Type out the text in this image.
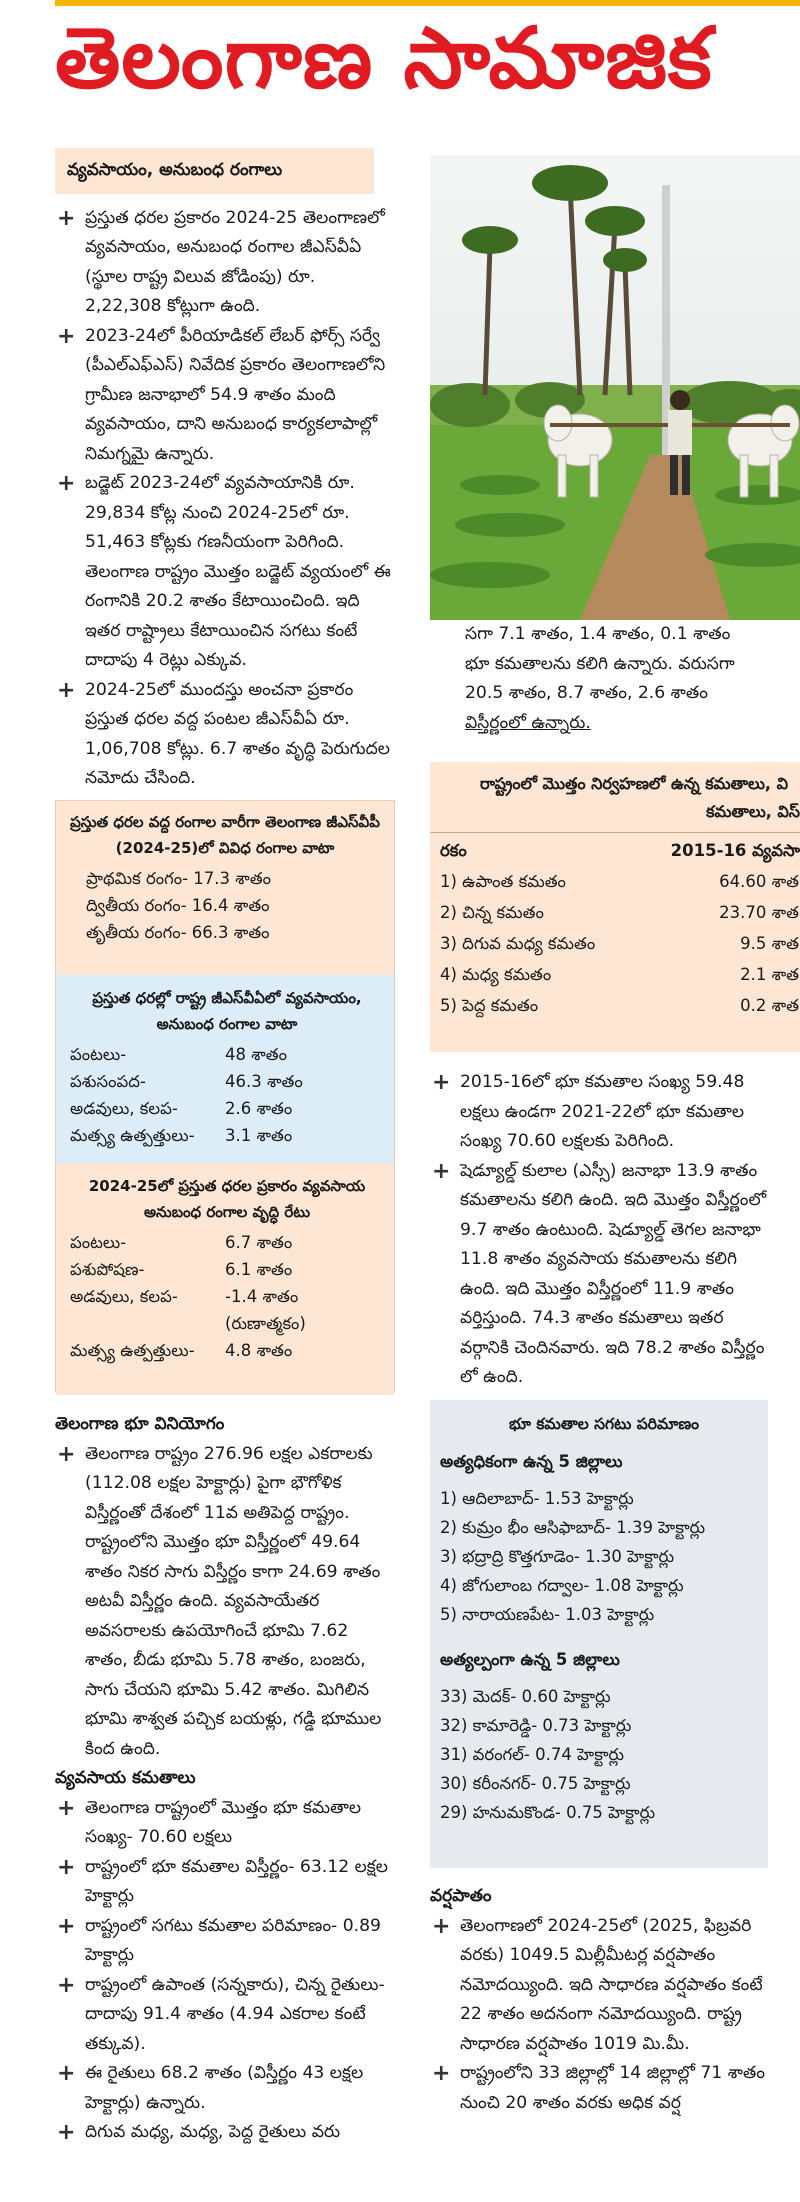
తెలంగాణ సామాజిక
వ్యవసాయం, అనుబంధ రంగాలు
+ ప్రస్తుత ధరల ప్రకారం 2024-25 తెలంగాణలో వ్యవసాయం, అనుబంధ రంగాల జీఎస్‌వీఏ (స్థూల రాష్ట్ర విలువ జోడింపు) రూ. 2,22,308 కోట్లుగా ఉంది.
+ 2023-24లో పీరియాడికల్ లేబర్ ఫోర్స్ సర్వే (పీఎల్ఎఫ్ఎస్) నివేదిక ప్రకారం తెలంగాణలోని గ్రామీణ జనాభాలో 54.9 శాతం మంది వ్యవసాయం, దాని అనుబంధ కార్యకలాపాల్లో నిమగ్నమై ఉన్నారు.
+ బడ్జెట్ 2023-24లో వ్యవసాయానికి రూ. 29,834 కోట్ల నుంచి 2024-25లో రూ. 51,463 కోట్లకు గణనీయంగా పెరిగింది. తెలంగాణ రాష్ట్రం మొత్తం బడ్జెట్ వ్యయంలో ఈ రంగానికి 20.2 శాతం కేటాయించింది. ఇది ఇతర రాష్ట్రాలు కేటాయించిన సగటు కంటే దాదాపు 4 రెట్లు ఎక్కువ.
+ 2024-25లో ముందస్తు అంచనా ప్రకారం ప్రస్తుత ధరల వద్ద పంటల జీఎస్‌వీఏ రూ. 1,06,708 కోట్లు. 6.7 శాతం వృద్ధి పెరుగుదల నమోదు చేసింది.
ప్రస్తుత ధరల వద్ద రంగాల వారీగా తెలంగాణ జీఎస్‌వీపీ (2024-25)లో వివిధ రంగాల వాటా
ప్రాథమిక రంగం- 17.3 శాతం
ద్వితీయ రంగం- 16.4 శాతం
తృతీయ రంగం- 66.3 శాతం
ప్రస్తుత ధరల్లో రాష్ట్ర జీఎస్‌వీఏలో వ్యవసాయం, అనుబంధ రంగాల వాటా
పంటలు-	48 శాతం
పశుసంపద-	46.3 శాతం
అడవులు, కలప-	2.6 శాతం
మత్స్య ఉత్పత్తులు-	3.1 శాతం
2024-25లో ప్రస్తుత ధరల ప్రకారం వ్యవసాయ అనుబంధ రంగాల వృద్ధి రేటు
పంటలు-	6.7 శాతం
పశుపోషణ-	6.1 శాతం
అడవులు, కలప-	-1.4 శాతం
(రుణాత్మకం)
మత్స్య ఉత్పత్తులు-	4.8 శాతం
తెలంగాణ భూ వినియోగం
+ తెలంగాణ రాష్ట్రం 276.96 లక్షల ఎకరాలకు (112.08 లక్షల హెక్టార్లు) పైగా భౌగోళిక విస్తీర్ణంతో దేశంలో 11వ అతిపెద్ద రాష్ట్రం. రాష్ట్రంలోని మొత్తం భూ విస్తీర్ణంలో 49.64 శాతం నికర సాగు విస్తీర్ణం కాగా 24.69 శాతం అటవీ విస్తీర్ణం ఉంది. వ్యవసాయేతర అవసరాలకు ఉపయోగించే భూమి 7.62 శాతం, బీడు భూమి 5.78 శాతం, బంజరు, సాగు చేయని భూమి 5.42 శాతం. మిగిలిన భూమి శాశ్వత పచ్చిక బయళ్లు, గడ్డి భూముల కింద ఉంది.
వ్యవసాయ కమతాలు
+ తెలంగాణ రాష్ట్రంలో మొత్తం భూ కమతాల సంఖ్య- 70.60 లక్షలు
+ రాష్ట్రంలో భూ కమతాల విస్తీర్ణం- 63.12 లక్షల హెక్టార్లు
+ రాష్ట్రంలో సగటు కమతాల పరిమాణం- 0.89 హెక్టార్లు
+ రాష్ట్రంలో ఉపాంత (సన్నకారు), చిన్న రైతులు- దాదాపు 91.4 శాతం (4.94 ఎకరాల కంటే తక్కువ).
+ ఈ రైతులు 68.2 శాతం (విస్తీర్ణం 43 లక్షల హెక్టార్లు) ఉన్నారు.
+ దిగువ మధ్య, మధ్య, పెద్ద రైతులు వరు
సగా 7.1 శాతం, 1.4 శాతం, 0.1 శాతం
భూ కమతాలను కలిగి ఉన్నారు. వరుసగా
20.5 శాతం, 8.7 శాతం, 2.6 శాతం
విస్తీర్ణంలో ఉన్నారు.
రాష్ట్రంలో మొత్తం నిర్వహణలో ఉన్న కమతాలు, వి
కమతాలు, విస్
రకం	2015-16 వ్యవసా
1) ఉపాంత కమతం	64.60 శాత
2) చిన్న కమతం	23.70 శాత
3) దిగువ మధ్య కమతం	9.5 శాత
4) మధ్య కమతం	2.1 శాత
5) పెద్ద కమతం	0.2 శాత
+ 2015-16లో భూ కమతాల సంఖ్య 59.48 లక్షలు ఉండగా 2021-22లో భూ కమతాల సంఖ్య 70.60 లక్షలకు పెరిగింది.
+ షెడ్యూల్డ్ కులాల (ఎస్సీ) జనాభా 13.9 శాతం కమతాలను కలిగి ఉంది. ఇది మొత్తం విస్తీర్ణంలో 9.7 శాతం ఉంటుంది. షెడ్యూల్డ్ తెగల జనాభా 11.8 శాతం వ్యవసాయ కమతాలను కలిగి ఉంది. ఇది మొత్తం విస్తీర్ణంలో 11.9 శాతం వర్తిస్తుంది. 74.3 శాతం కమతాలు ఇతర వర్గానికి చెందినవారు. ఇది 78.2 శాతం విస్తీర్ణం లో ఉంది.
భూ కమతాల సగటు పరిమాణం
అత్యధికంగా ఉన్న 5 జిల్లాలు
1) ఆదిలాబాద్- 1.53 హెక్టార్లు
2) కుమ్రం భీం ఆసిఫాబాద్- 1.39 హెక్టార్లు
3) భద్రాద్రి కొత్తగూడెం- 1.30 హెక్టార్లు
4) జోగులాంబ గద్వాల- 1.08 హెక్టార్లు
5) నారాయణపేట- 1.03 హెక్టార్లు
అత్యల్పంగా ఉన్న 5 జిల్లాలు
33) మెదక్- 0.60 హెక్టార్లు
32) కామారెడ్డి- 0.73 హెక్టార్లు
31) వరంగల్- 0.74 హెక్టార్లు
30) కరీంనగర్- 0.75 హెక్టార్లు
29) హనుమకొండ- 0.75 హెక్టార్లు
వర్షపాతం
+ తెలంగాణలో 2024-25లో (2025, ఫిబ్రవరి వరకు) 1049.5 మిల్లీమీటర్ల వర్షపాతం నమోదయ్యింది. ఇది సాధారణ వర్షపాతం కంటే 22 శాతం అదనంగా నమోదయ్యింది. రాష్ట్ర సాధారణ వర్షపాతం 1019 మి.మీ.
+ రాష్ట్రంలోని 33 జిల్లాల్లో 14 జిల్లాల్లో 71 శాతం నుంచి 20 శాతం వరకు అధిక వర్ష
